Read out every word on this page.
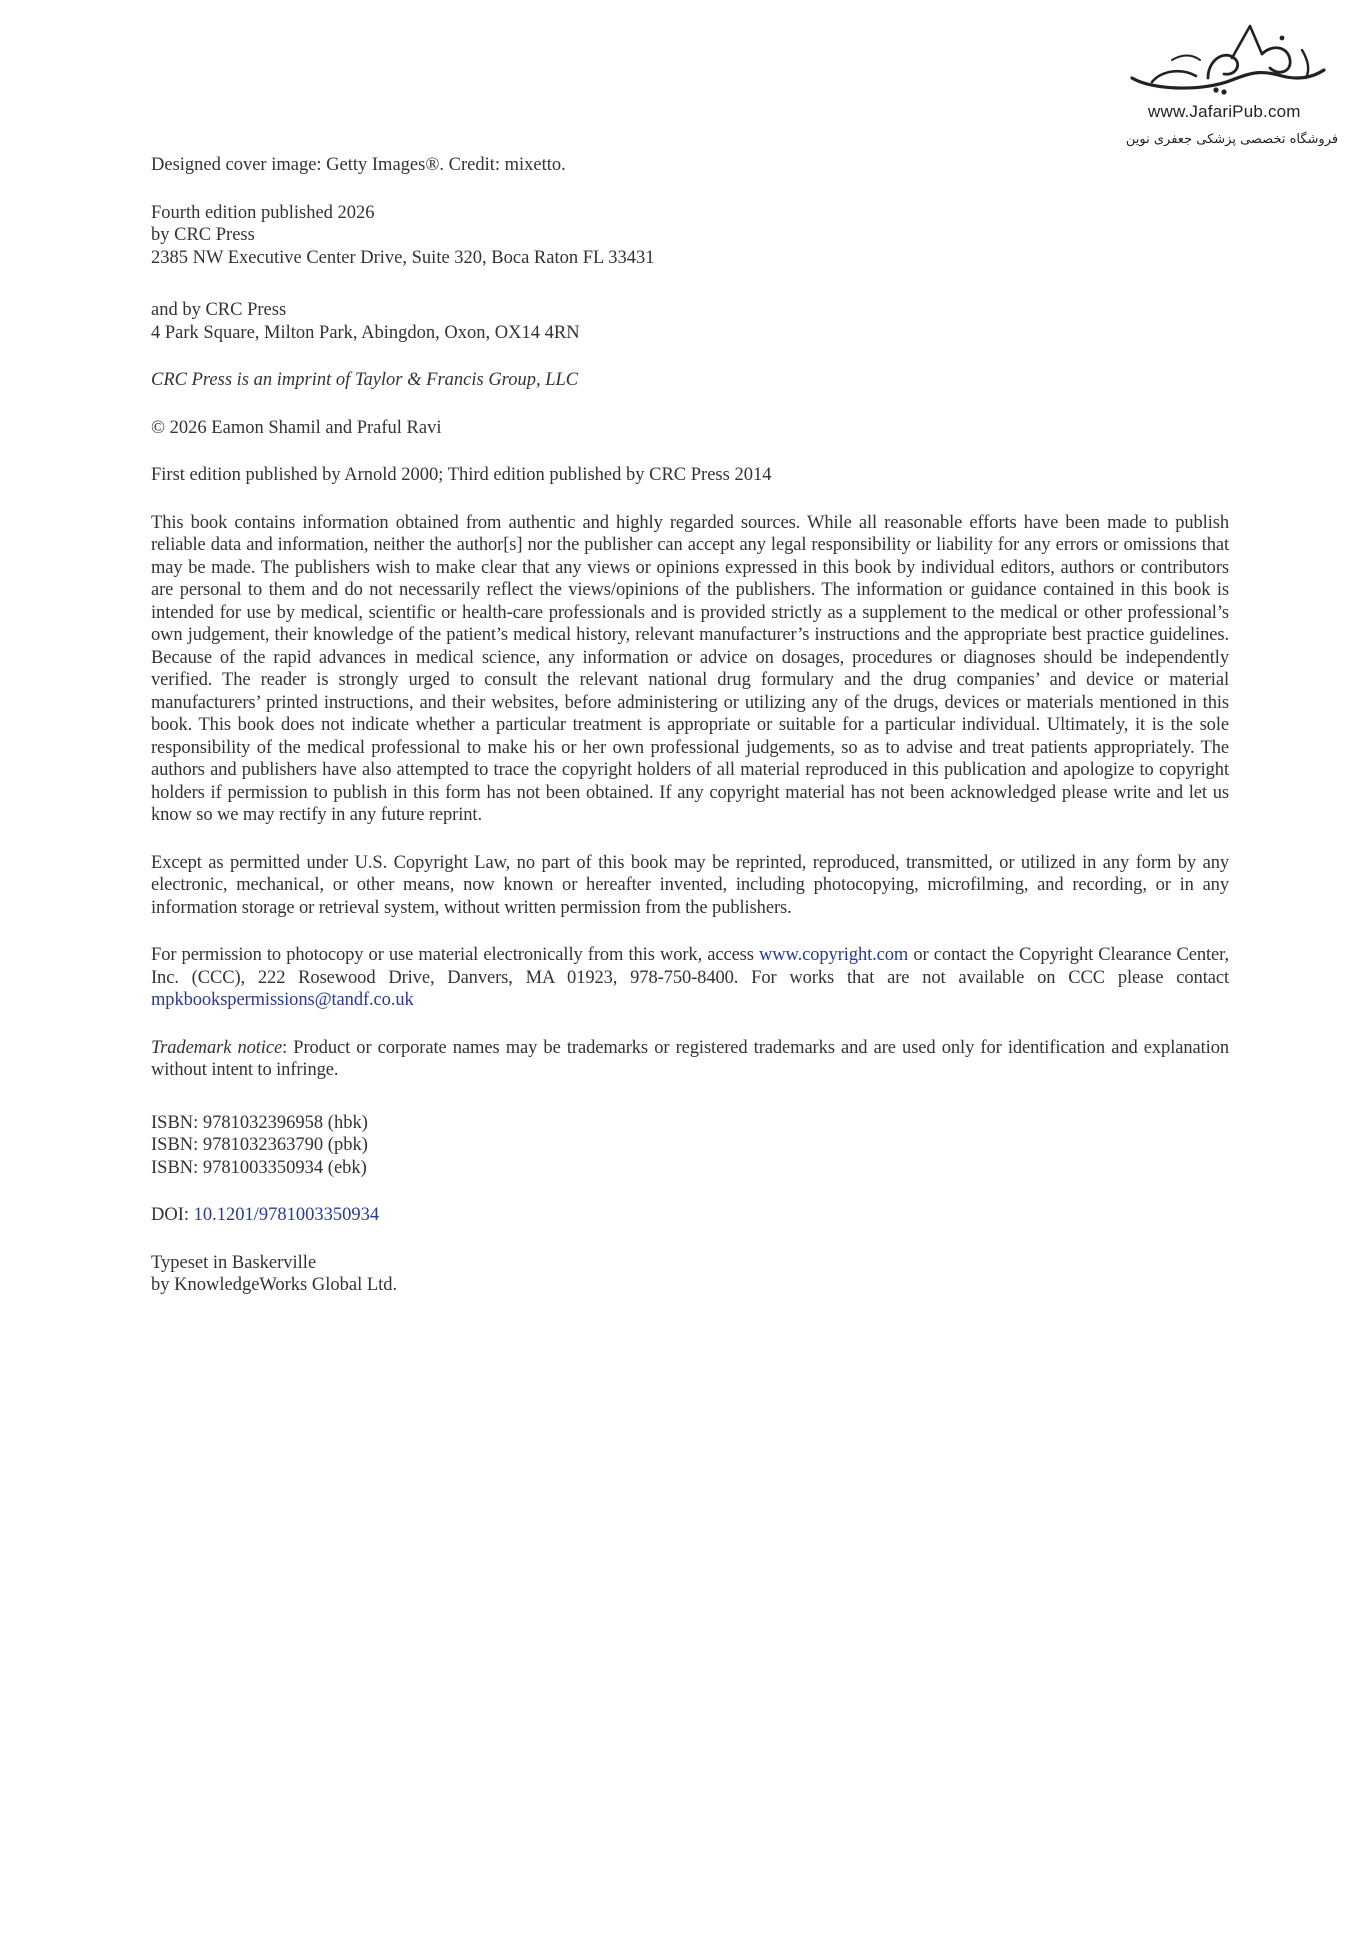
www.JafariPub.com
فروشگاه تخصصی پزشکی جعفری نوین

Designed cover image: Getty Images®. Credit: mixetto.

Fourth edition published 2026
by CRC Press
2385 NW Executive Center Drive, Suite 320, Boca Raton FL 33431

and by CRC Press
4 Park Square, Milton Park, Abingdon, Oxon, OX14 4RN

CRC Press is an imprint of Taylor & Francis Group, LLC

© 2026 Eamon Shamil and Praful Ravi

First edition published by Arnold 2000; Third edition published by CRC Press 2014

This book contains information obtained from authentic and highly regarded sources. While all reasonable efforts have been made to publish reliable data and information, neither the author[s] nor the publisher can accept any legal responsibility or liability for any errors or omissions that may be made. The publishers wish to make clear that any views or opinions expressed in this book by individual editors, authors or contributors are personal to them and do not necessarily reflect the views/opinions of the publishers. The information or guidance contained in this book is intended for use by medical, scientific or health-care professionals and is provided strictly as a supplement to the medical or other professional’s own judgement, their knowledge of the patient’s medical history, relevant manufacturer’s instructions and the appropriate best practice guidelines. Because of the rapid advances in medical science, any information or advice on dosages, procedures or diagnoses should be independently verified. The reader is strongly urged to consult the relevant national drug formulary and the drug companies’ and device or material manufacturers’ printed instructions, and their websites, before administering or utilizing any of the drugs, devices or materials mentioned in this book. This book does not indicate whether a particular treatment is appropriate or suitable for a particular individual. Ultimately, it is the sole responsibility of the medical professional to make his or her own professional judgements, so as to advise and treat patients appropriately. The authors and publishers have also attempted to trace the copyright holders of all material reproduced in this publication and apologize to copyright holders if permission to publish in this form has not been obtained. If any copyright material has not been acknowledged please write and let us know so we may rectify in any future reprint.

Except as permitted under U.S. Copyright Law, no part of this book may be reprinted, reproduced, transmitted, or utilized in any form by any electronic, mechanical, or other means, now known or hereafter invented, including photocopying, microfilming, and recording, or in any information storage or retrieval system, without written permission from the publishers.

For permission to photocopy or use material electronically from this work, access www.copyright.com or contact the Copyright Clearance Center, Inc. (CCC), 222 Rosewood Drive, Danvers, MA 01923, 978-750-8400. For works that are not available on CCC please contact mpkbookspermissions@tandf.co.uk

Trademark notice: Product or corporate names may be trademarks or registered trademarks and are used only for identification and explanation without intent to infringe.

ISBN: 9781032396958 (hbk)
ISBN: 9781032363790 (pbk)
ISBN: 9781003350934 (ebk)

DOI: 10.1201/9781003350934

Typeset in Baskerville
by KnowledgeWorks Global Ltd.
